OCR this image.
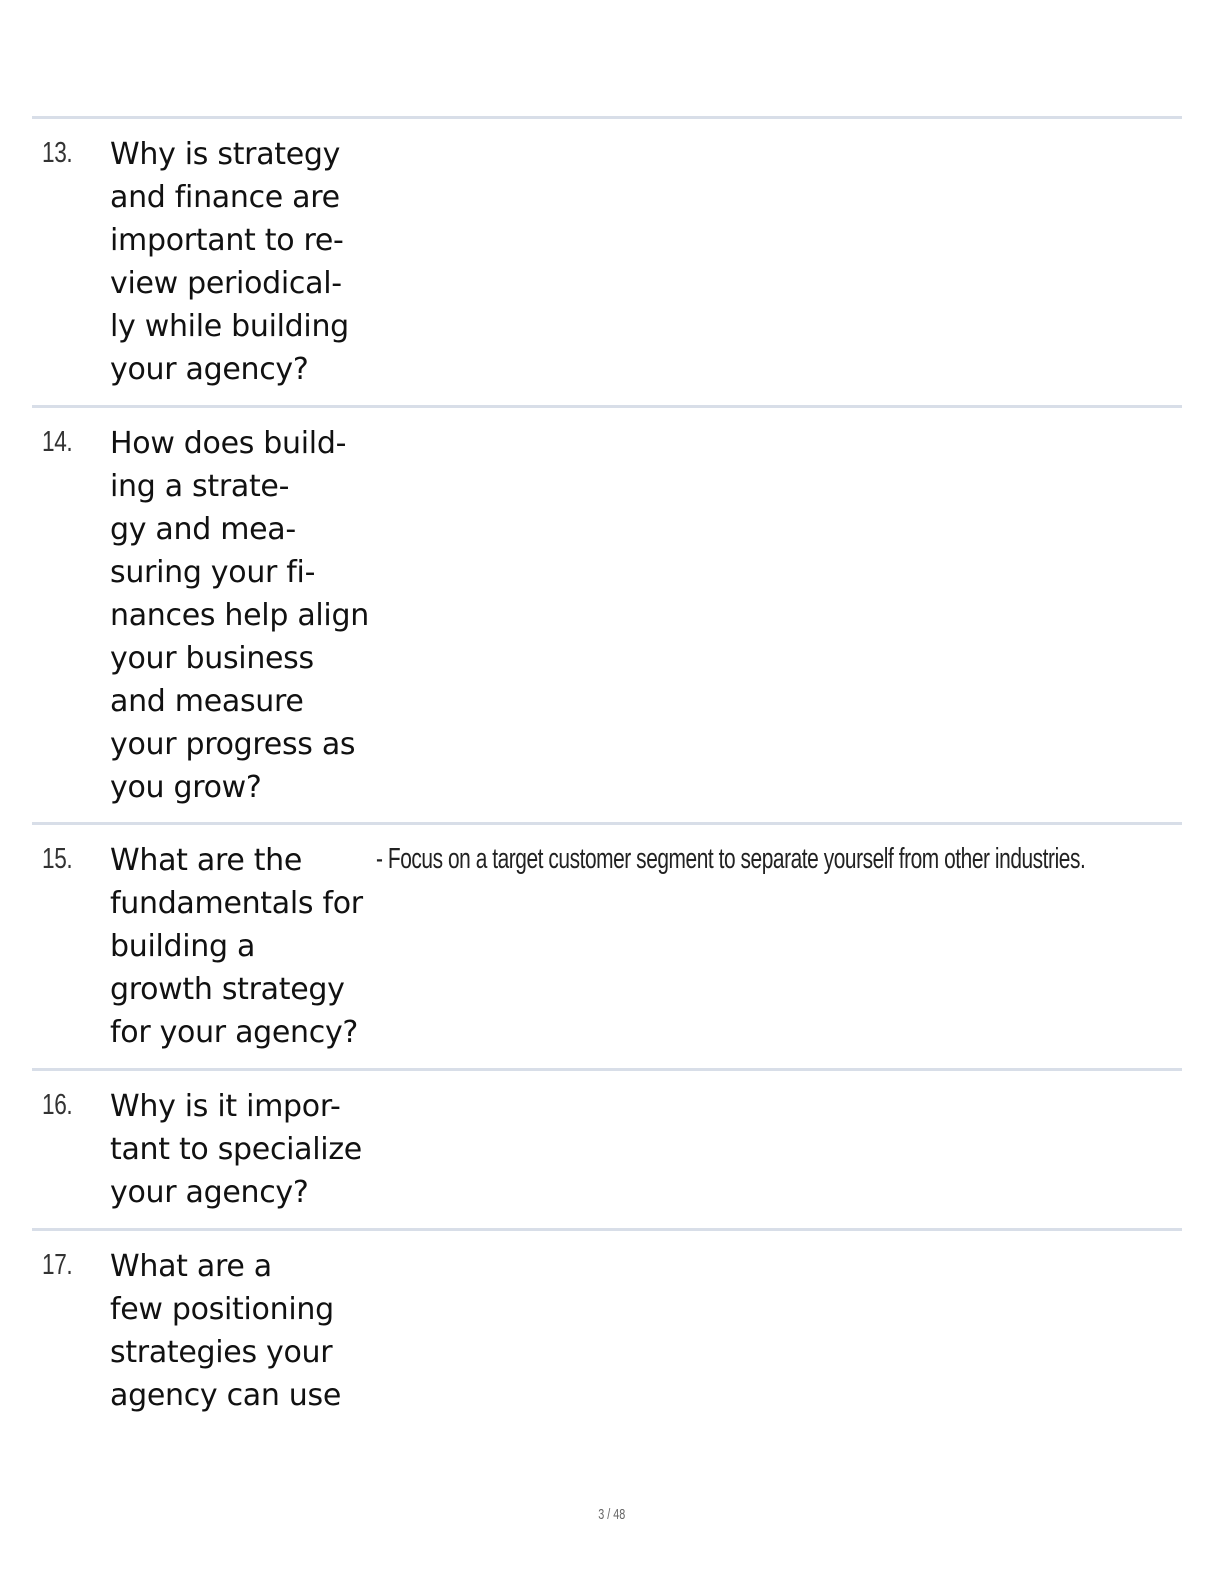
13. Why is strategy
and finance are
important to re-
view periodical-
ly while building
your agency?
14. How does build-
ing a strate-
gy and mea-
suring your fi-
nances help align
your business
and measure
your progress as
you grow?
15. What are the
fundamentals for
building a
growth strategy
for your agency?
- Focus on a target customer segment to separate yourself from other industries.
16. Why is it impor-
tant to specialize
your agency?
17. What are a
few positioning
strategies your
agency can use
3 / 48
